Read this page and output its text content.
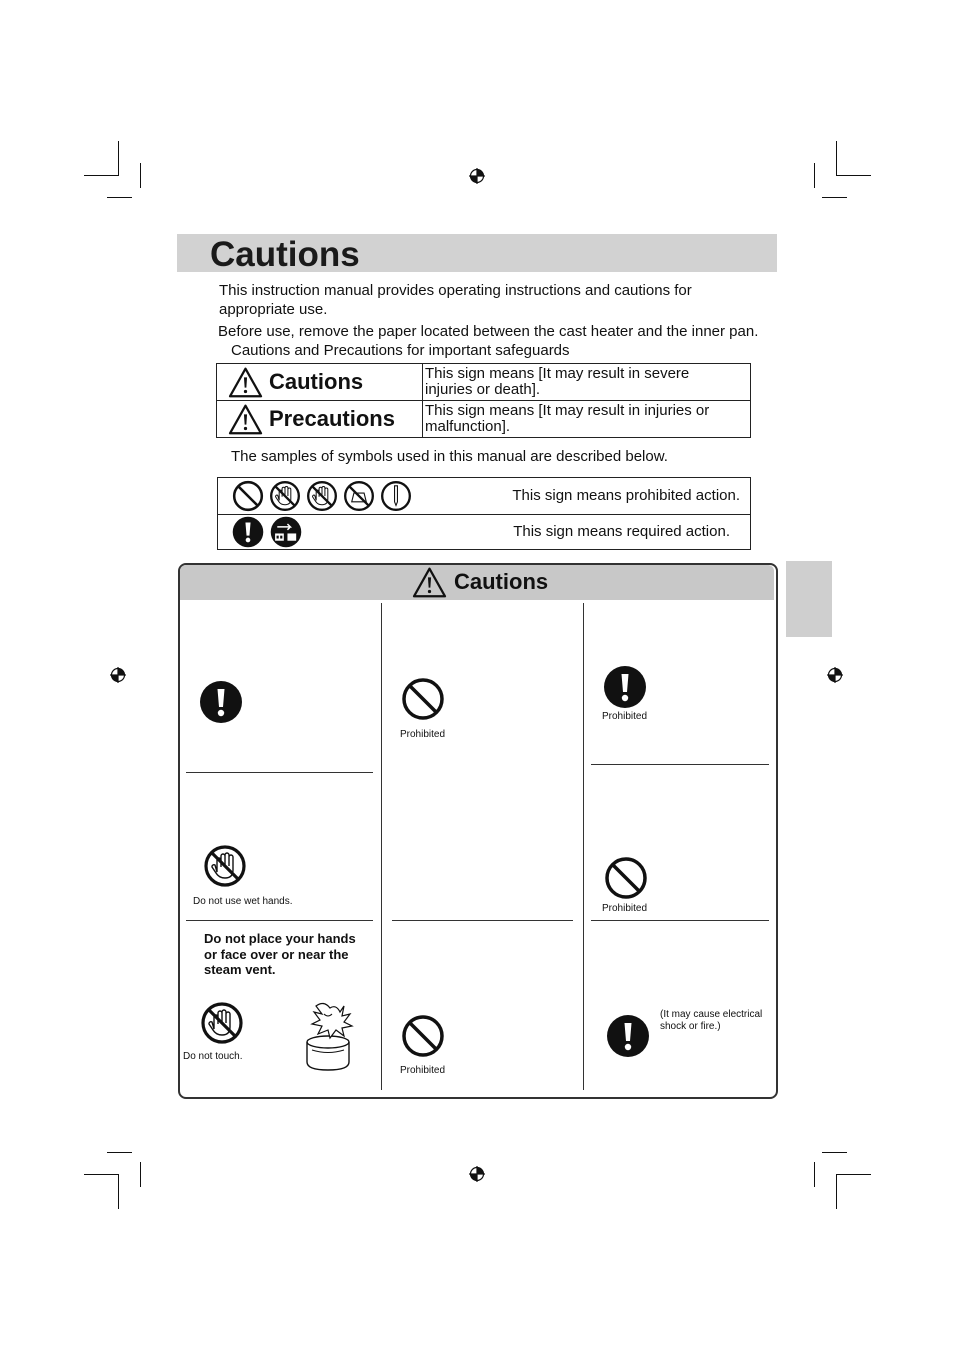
Cautions
This instruction manual provides operating instructions and cautions for appropriate use.
Before use, remove the paper located between the cast heater and the inner pan.
Cautions and Precautions for important safeguards
Cautions	This sign means [It may result in severe injuries or death].

Precautions	This sign means [It may result in injuries or malfunction].
The samples of symbols used in this manual are described below.
This sign means prohibited action.

This sign means required action.
Cautions
Do not use wet hands.
Do not place your hands or face over or near the steam vent.
Do not touch.
Prohibited
Prohibited
Prohibited
Prohibited
(It may cause electrical shock or fire.)
